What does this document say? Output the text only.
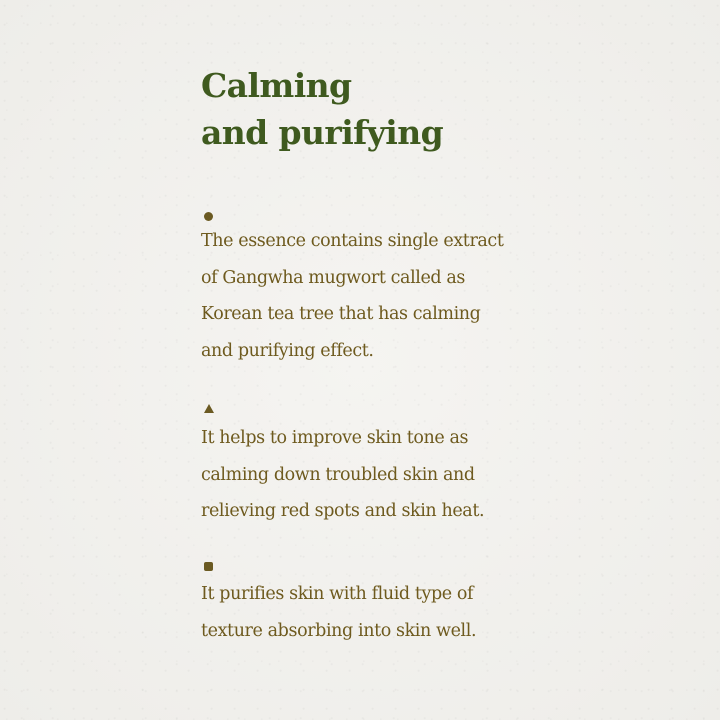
Calming
and purifying

The essence contains single extract
of Gangwha mugwort called as
Korean tea tree that has calming
and purifying effect.

It helps to improve skin tone as
calming down troubled skin and
relieving red spots and skin heat.

It purifies skin with fluid type of
texture absorbing into skin well.
